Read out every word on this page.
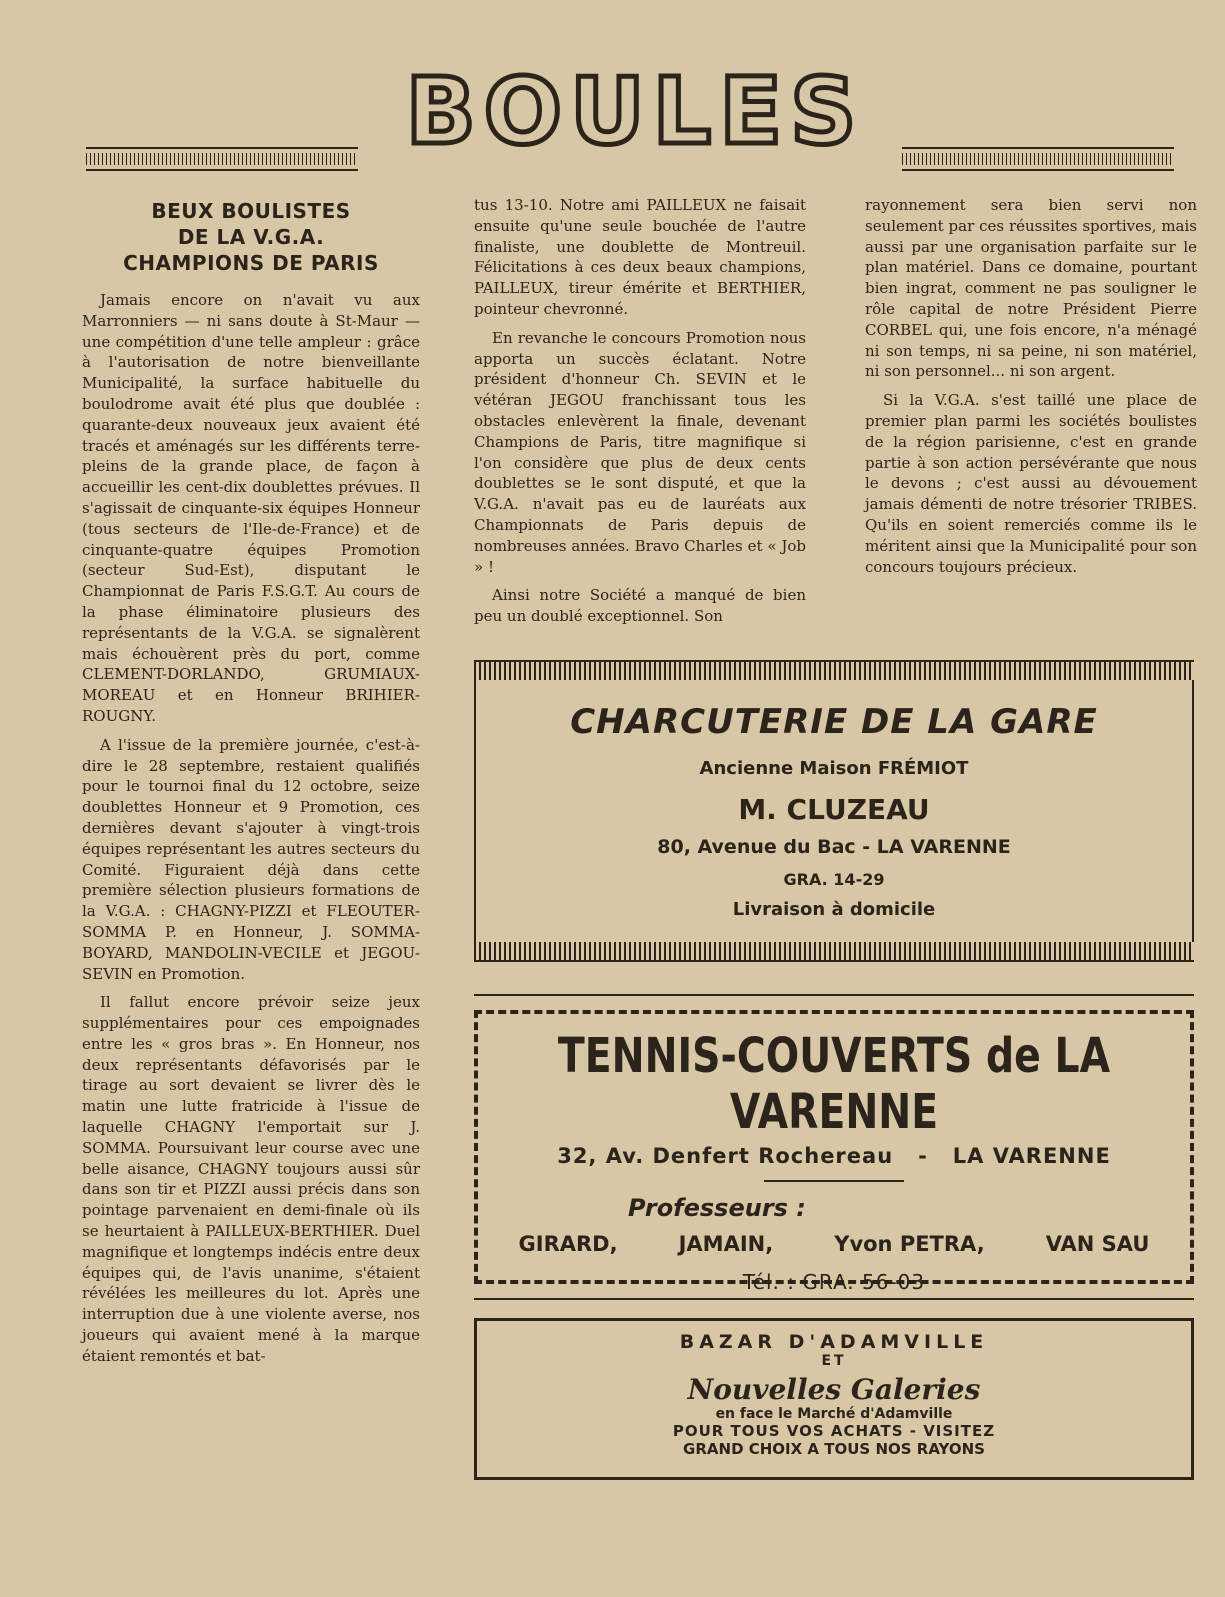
BOULES
BEUX BOULISTES
DE LA V.G.A.
CHAMPIONS DE PARIS

Jamais encore on n'avait vu aux Marronniers — ni sans doute à St-Maur — une compétition d'une telle ampleur : grâce à l'autorisation de notre bienveillante Municipalité, la surface habituelle du boulodrome avait été plus que doublée : quarante-deux nouveaux jeux avaient été tracés et aménagés sur les différents terre-pleins de la grande place, de façon à accueillir les cent-dix doublettes prévues. Il s'agissait de cinquante-six équipes Honneur (tous secteurs de l'Ile-de-France) et de cinquante-quatre équipes Promotion (secteur Sud-Est), disputant le Championnat de Paris F.S.G.T. Au cours de la phase éliminatoire plusieurs des représentants de la V.G.A. se signalèrent mais échouèrent près du port, comme CLEMENT-DORLANDO, GRUMIAUX-MOREAU et en Honneur BRIHIER-ROUGNY.

A l'issue de la première journée, c'est-à-dire le 28 septembre, restaient qualifiés pour le tournoi final du 12 octobre, seize doublettes Honneur et 9 Promotion, ces dernières devant s'ajouter à vingt-trois équipes représentant les autres secteurs du Comité. Figuraient déjà dans cette première sélection plusieurs formations de la V.G.A. : CHAGNY-PIZZI et FLEOUTER-SOMMA P. en Honneur, J. SOMMA-BOYARD, MANDOLIN-VECILE et JEGOU-SEVIN en Promotion.

Il fallut encore prévoir seize jeux supplémentaires pour ces empoignades entre les « gros bras ». En Honneur, nos deux représentants défavorisés par le tirage au sort devaient se livrer dès le matin une lutte fratricide à l'issue de laquelle CHAGNY l'emportait sur J. SOMMA. Poursuivant leur course avec une belle aisance, CHAGNY toujours aussi sûr dans son tir et PIZZI aussi précis dans son pointage parvenaient en demi-finale où ils se heurtaient à PAILLEUX-BERTHIER. Duel magnifique et longtemps indécis entre deux équipes qui, de l'avis unanime, s'étaient révélées les meilleures du lot. Après une interruption due à une violente averse, nos joueurs qui avaient mené à la marque étaient remontés et bat-

tus 13-10. Notre ami PAILLEUX ne faisait ensuite qu'une seule bouchée de l'autre finaliste, une doublette de Montreuil. Félicitations à ces deux beaux champions, PAILLEUX, tireur émérite et BERTHIER, pointeur chevronné.

En revanche le concours Promotion nous apporta un succès éclatant. Notre président d'honneur Ch. SEVIN et le vétéran JEGOU franchissant tous les obstacles enlevèrent la finale, devenant Champions de Paris, titre magnifique si l'on considère que plus de deux cents doublettes se le sont disputé, et que la V.G.A. n'avait pas eu de lauréats aux Championnats de Paris depuis de nombreuses années. Bravo Charles et « Job » !

Ainsi notre Société a manqué de bien peu un doublé exceptionnel. Son

rayonnement sera bien servi non seulement par ces réussites sportives, mais aussi par une organisation parfaite sur le plan matériel. Dans ce domaine, pourtant bien ingrat, comment ne pas souligner le rôle capital de notre Président Pierre CORBEL qui, une fois encore, n'a ménagé ni son temps, ni sa peine, ni son matériel, ni son personnel... ni son argent.

Si la V.G.A. s'est taillé une place de premier plan parmi les sociétés boulistes de la région parisienne, c'est en grande partie à son action persévérante que nous le devons ; c'est aussi au dévouement jamais démenti de notre trésorier TRIBES. Qu'ils en soient remerciés comme ils le méritent ainsi que la Municipalité pour son concours toujours précieux.

CHARCUTERIE DE LA GARE
Ancienne Maison FRÉMIOT
M. CLUZEAU
80, Avenue du Bac - LA VARENNE
GRA. 14-29
Livraison à domicile
TENNIS-COUVERTS de LA VARENNE
32, Av. Denfert Rochereau - LA VARENNE
Professeurs :
GIRARD,	JAMAIN,	Yvon PETRA,	VAN SAU
Tél. : GRA. 56-03
BAZAR D'ADAMVILLE
ET
Nouvelles Galeries
en face le Marché d'Adamville
POUR TOUS VOS ACHATS - VISITEZ
GRAND CHOIX A TOUS NOS RAYONS
